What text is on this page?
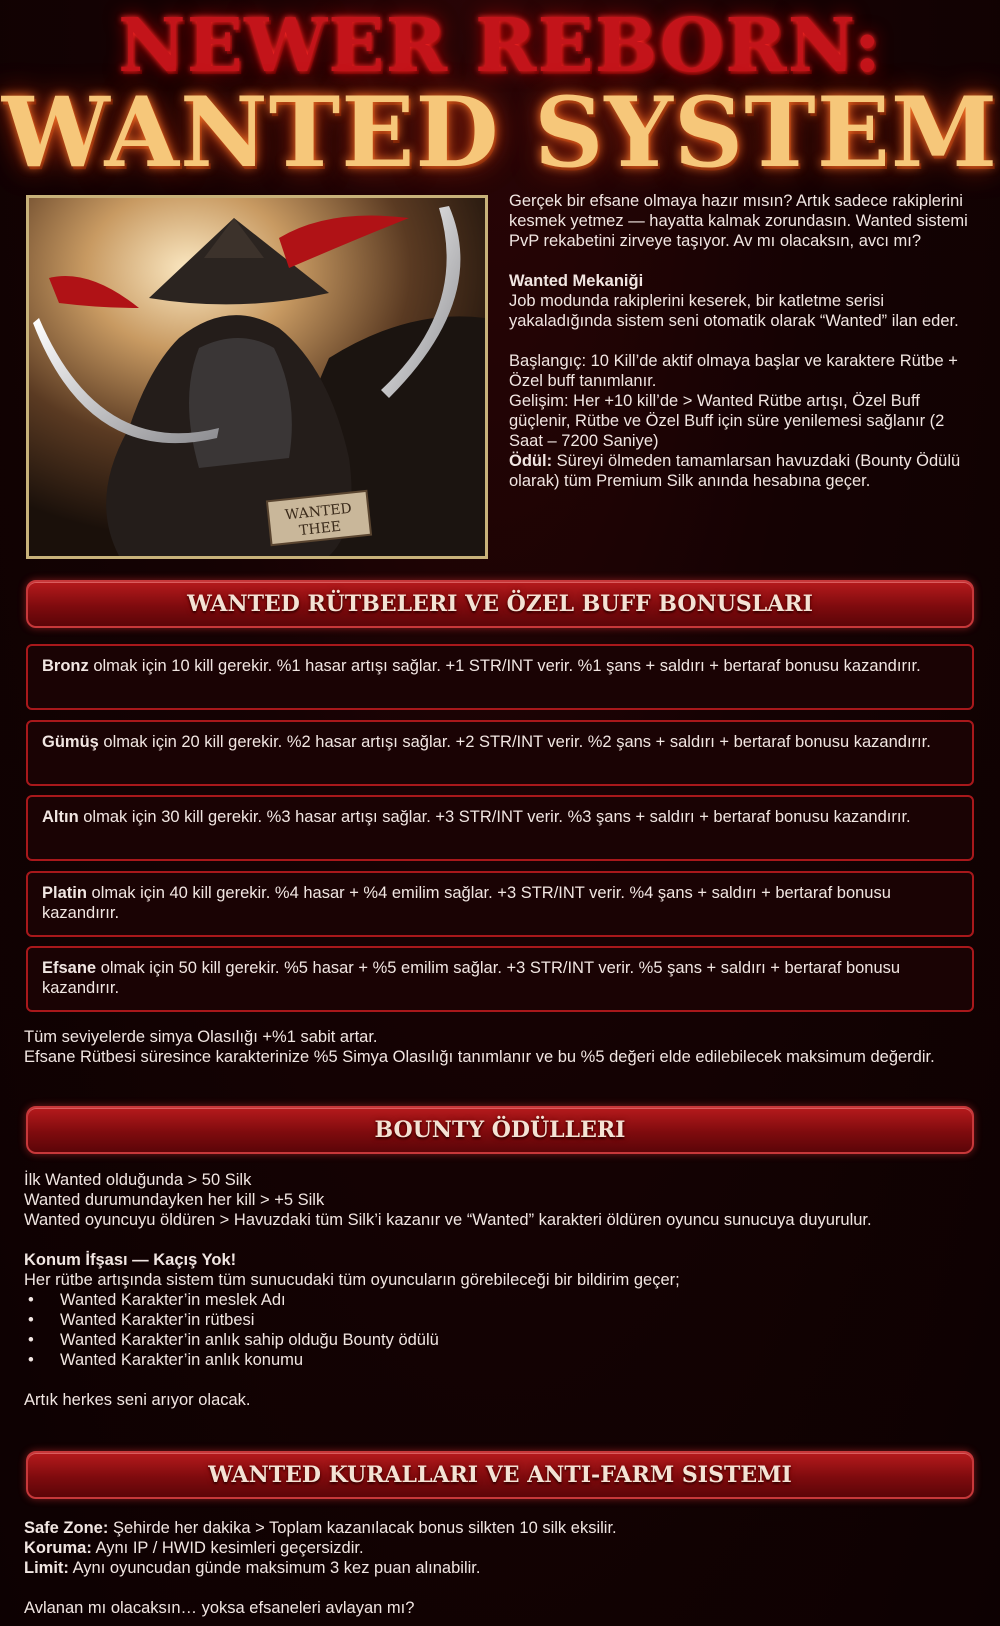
NEWER REBORN:
WANTED SYSTEM
WANTED
THEE

Gerçek bir efsane olmaya hazır mısın? Artık sadece rakiplerini kesmek yetmez — hayatta kalmak zorundasın. Wanted sistemi PvP rekabetini zirveye taşıyor. Av mı olacaksın, avcı mı?

Wanted Mekaniği

Job modunda rakiplerini keserek, bir katletme serisi yakaladığında sistem seni otomatik olarak “Wanted” ilan eder.

Başlangıç: 10 Kill’de aktif olmaya başlar ve karaktere Rütbe + Özel buff tanımlanır.

Gelişim: Her +10 kill’de > Wanted Rütbe artışı, Özel Buff güçlenir, Rütbe ve Özel Buff için süre yenilemesi sağlanır (2 Saat – 7200 Saniye)

Ödül: Süreyi ölmeden tamamlarsan havuzdaki (Bounty Ödülü olarak) tüm Premium Silk anında hesabına geçer.

WANTED RÜTBELERI VE ÖZEL BUFF BONUSLARI
Bronz olmak için 10 kill gerekir. %1 hasar artışı sağlar. +1 STR/INT verir. %1 şans + saldırı + bertaraf bonusu kazandırır.
Gümüş olmak için 20 kill gerekir. %2 hasar artışı sağlar. +2 STR/INT verir. %2 şans + saldırı + bertaraf bonusu kazandırır.
Altın olmak için 30 kill gerekir. %3 hasar artışı sağlar. +3 STR/INT verir. %3 şans + saldırı + bertaraf bonusu kazandırır.
Platin olmak için 40 kill gerekir. %4 hasar + %4 emilim sağlar. +3 STR/INT verir. %4 şans + saldırı + bertaraf bonusu kazandırır.
Efsane olmak için 50 kill gerekir. %5 hasar + %5 emilim sağlar. +3 STR/INT verir. %5 şans + saldırı + bertaraf bonusu kazandırır.

Tüm seviyelerde simya Olasılığı +%1 sabit artar.

Efsane Rütbesi süresince karakterinize %5 Simya Olasılığı tanımlanır ve bu %5 değeri elde edilebilecek maksimum değerdir.

BOUNTY ÖDÜLLERI

İlk Wanted olduğunda > 50 Silk

Wanted durumundayken her kill > +5 Silk

Wanted oyuncuyu öldüren > Havuzdaki tüm Silk’i kazanır ve “Wanted” karakteri öldüren oyuncu sunucuya duyurulur.

Konum İfşası — Kaçış Yok!

Her rütbe artışında sistem tüm sunucudaki tüm oyuncuların görebileceği bir bildirim geçer;

• Wanted Karakter’in meslek Adı
• Wanted Karakter’in rütbesi
• Wanted Karakter’in anlık sahip olduğu Bounty ödülü
• Wanted Karakter’in anlık konumu

Artık herkes seni arıyor olacak.

WANTED KURALLARI VE ANTI-FARM SISTEMI

Safe Zone: Şehirde her dakika > Toplam kazanılacak bonus silkten 10 silk eksilir.

Koruma: Aynı IP / HWID kesimleri geçersizdir.

Limit: Aynı oyuncudan günde maksimum 3 kez puan alınabilir.

Avlanan mı olacaksın… yoksa efsaneleri avlayan mı?
